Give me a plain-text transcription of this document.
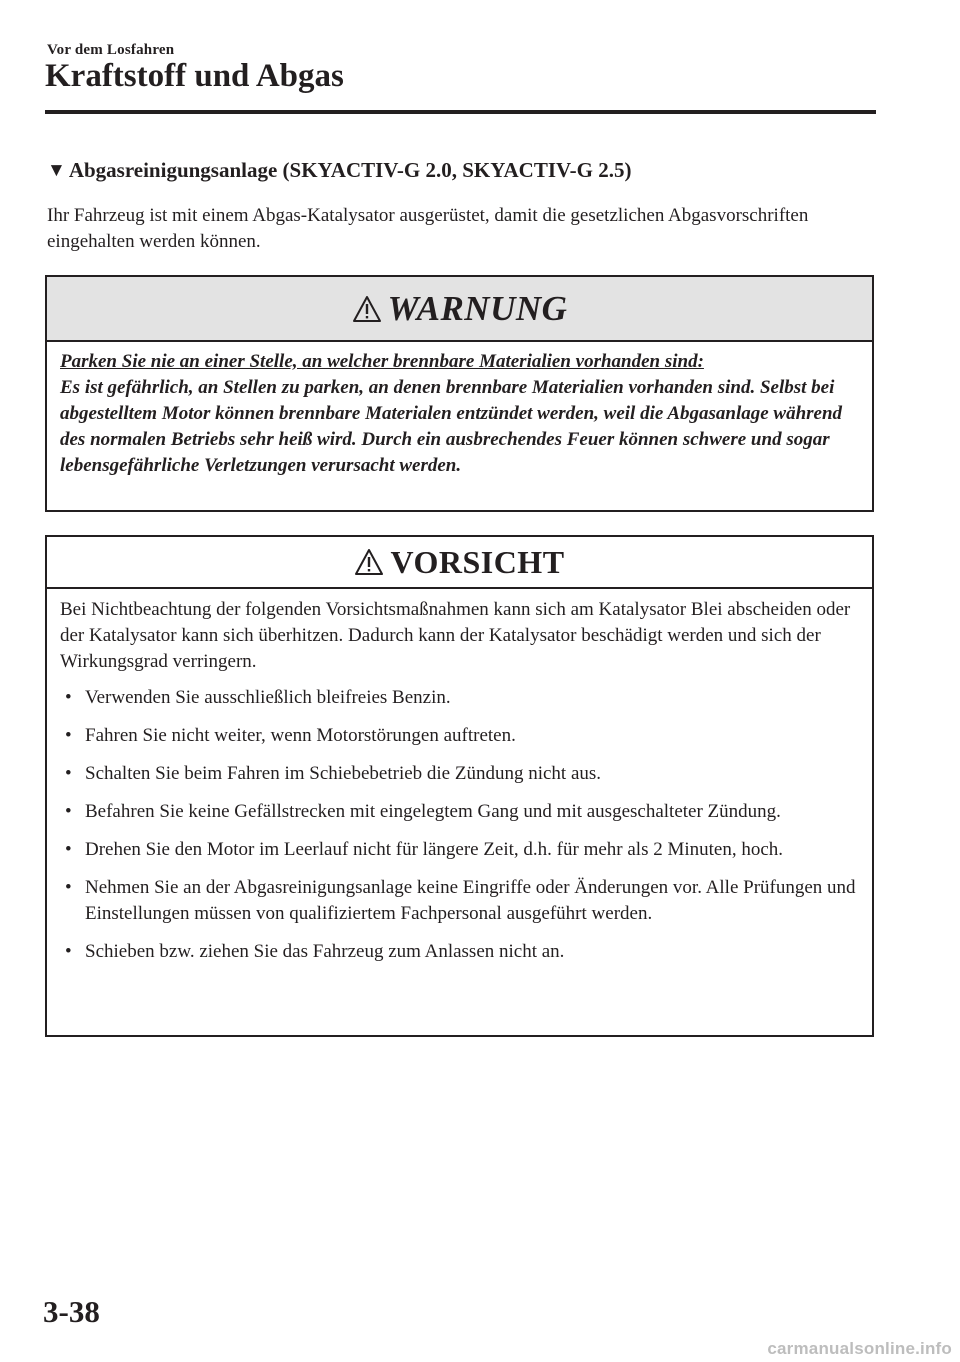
Vor dem Losfahren
Kraftstoff und Abgas
▼ Abgasreinigungsanlage (SKYACTIV-G 2.0, SKYACTIV-G 2.5)
Ihr Fahrzeug ist mit einem Abgas-Katalysator ausgerüstet, damit die gesetzlichen Abgasvorschriften eingehalten werden können.
WARNUNG
Parken Sie nie an einer Stelle, an welcher brennbare Materialien vorhanden sind:
Es ist gefährlich, an Stellen zu parken, an denen brennbare Materialien vorhanden sind. Selbst bei abgestelltem Motor können brennbare Materialen entzündet werden, weil die Abgasanlage während des normalen Betriebs sehr heiß wird. Durch ein ausbrechendes Feuer können schwere und sogar lebensgefährliche Verletzungen verursacht werden.
VORSICHT
Bei Nichtbeachtung der folgenden Vorsichtsmaßnahmen kann sich am Katalysator Blei abscheiden oder der Katalysator kann sich überhitzen. Dadurch kann der Katalysator beschädigt werden und sich der Wirkungsgrad verringern.
• Verwenden Sie ausschließlich bleifreies Benzin.
• Fahren Sie nicht weiter, wenn Motorstörungen auftreten.
• Schalten Sie beim Fahren im Schiebebetrieb die Zündung nicht aus.
• Befahren Sie keine Gefällstrecken mit eingelegtem Gang und mit ausgeschalteter Zündung.
• Drehen Sie den Motor im Leerlauf nicht für längere Zeit, d.h. für mehr als 2 Minuten, hoch.
• Nehmen Sie an der Abgasreinigungsanlage keine Eingriffe oder Änderungen vor. Alle Prüfungen und Einstellungen müssen von qualifiziertem Fachpersonal ausgeführt werden.
• Schieben bzw. ziehen Sie das Fahrzeug zum Anlassen nicht an.
3-38
carmanualsonline.info
